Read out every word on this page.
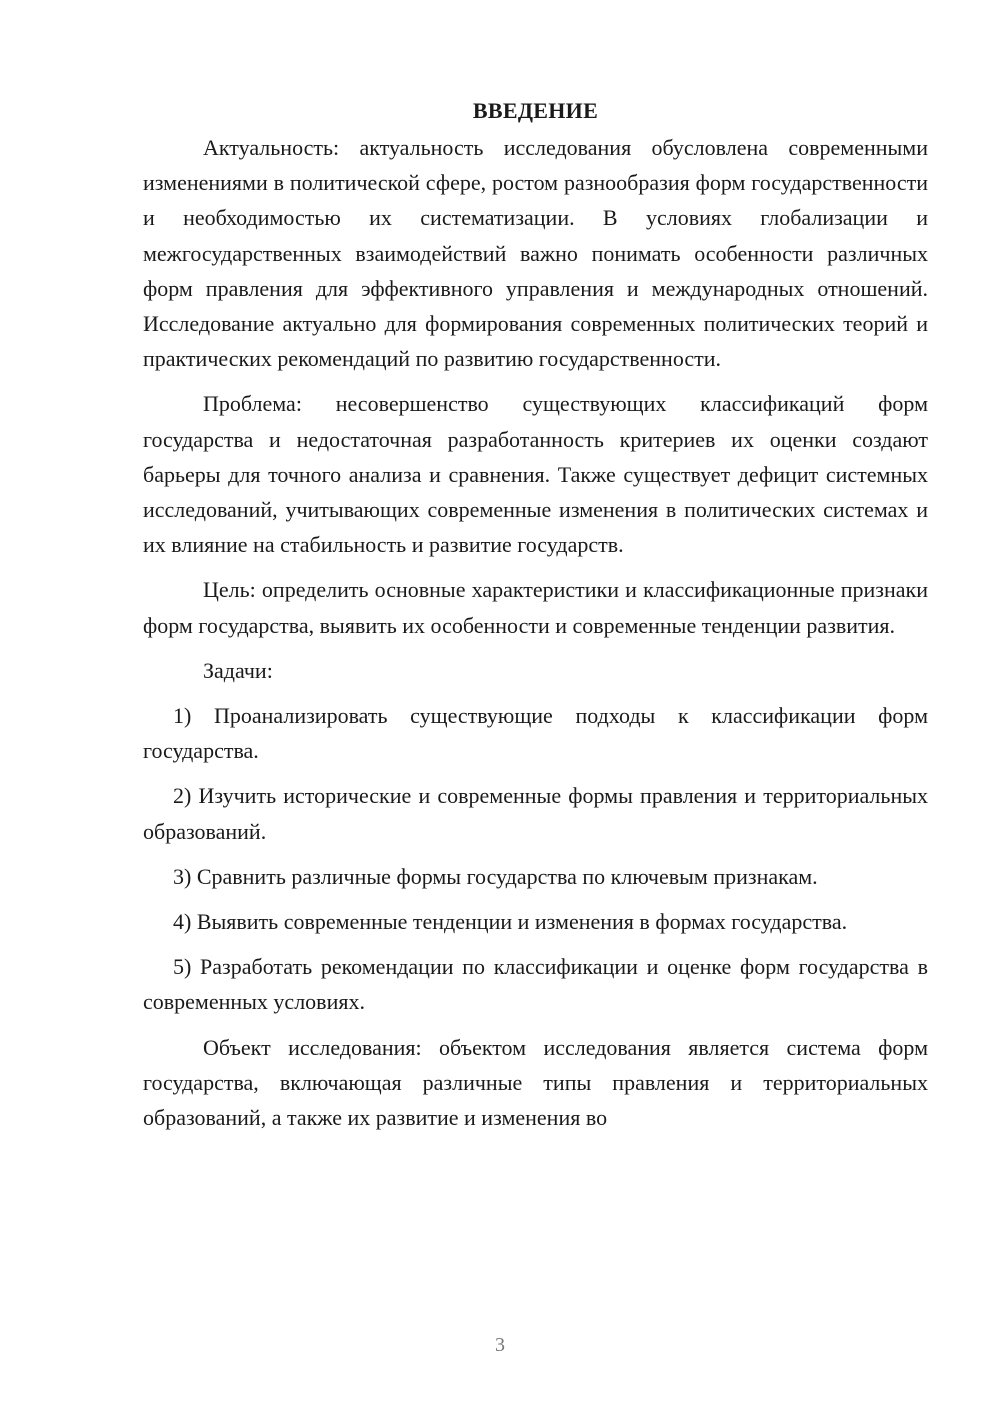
ВВЕДЕНИЕ

Актуальность: актуальность исследования обусловлена современными изменениями в политической сфере, ростом разнообразия форм государственности и необходимостью их систематизации. В условиях глобализации и межгосударственных взаимодействий важно понимать особенности различных форм правления для эффективного управления и международных отношений. Исследование актуально для формирования современных политических теорий и практических рекомендаций по развитию государственности.

Проблема: несовершенство существующих классификаций форм государства и недостаточная разработанность критериев их оценки создают барьеры для точного анализа и сравнения. Также существует дефицит системных исследований, учитывающих современные изменения в политических системах и их влияние на стабильность и развитие государств.

Цель: определить основные характеристики и классификационные признаки форм государства, выявить их особенности и современные тенденции развития.

Задачи:

1) Проанализировать существующие подходы к классификации форм государства.

2) Изучить исторические и современные формы правления и территориальных образований.

3) Сравнить различные формы государства по ключевым признакам.

4) Выявить современные тенденции и изменения в формах государства.

5) Разработать рекомендации по классификации и оценке форм государства в современных условиях.

Объект исследования: объектом исследования является система форм государства, включающая различные типы правления и территориальных образований, а также их развитие и изменения во

3
